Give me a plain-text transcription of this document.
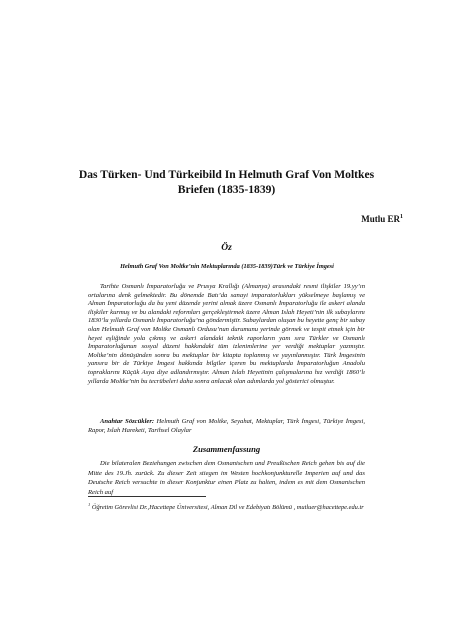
Das Türken- Und Türkeibild In Helmuth Graf Von Moltkes Briefen (1835-1839)
Mutlu $ER^1$
Öz
Helmuth Graf Von Moltke’nin Mektuplarında (1835-1839)Türk ve Türkiye İmgesi

Tarihte Osmanlı İmparatorluğu ve Prusya Krallığı (Almanya) arasındaki resmi ilişkiler 19.yy’ın ortalarına denk gelmektedir. Bu dönemde Batı’da sanayi imparatorlukları yükselmeye başlamış ve Alman İmparatorluğu da bu yeni düzende yerini almak üzere Osmanlı İmparatorluğu ile askeri alanda ilişkiler kurmuş ve bu alandaki reformları gerçekleştirmek üzere Alman Islah Heyeti’nin ilk subaylarını 1830’lu yıllarda Osmanlı İmparatorluğu’na göndermiştir. Subaylardan oluşan bu heyette genç bir subay olan Helmuth Graf von Moltke Osmanlı Ordusu’nun durumunu yerinde görmek ve tespit etmek için bir heyet eşliğinde yola çıkmış ve askeri alandaki teknik raporların yanı sıra Türkler ve Osmanlı İmparatorluğunun sosyal düzeni hakkındaki tüm izlenimlerine yer verdiği mektuplar yazmıştır. Moltke’nin dönüşünden sonra bu mektuplar bir kitapta toplanmış ve yayınlanmıştır. Türk İmgesinin yansıra bir de Türkiye İmgesi hakkında bilgiler içeren bu mektuplarda İmparatorluğun Anadolu topraklarını Küçük Asya diye adlandırmıştır. Alman Islah Heyetinin çalışmalarına hız verdiği 1860’lı yıllarda Moltke’nin bu tecrübeleri daha sonra anlacak olan adımlarda yol gösterici olmuştur.

Anahtar Sözcükler: Helmuth Graf von Moltke, Seyahat, Mektuplar, Türk İmgesi, Türkiye İmgesi, Rapor, Islah Hareketi, Tarihsel Olaylar

Zusammenfassung

Die bilateralen Beziehungen zwischen dem Osmanischen und Preußischen Reich gehen bis auf die Mitte des 19.Jh. zurück. Zu dieser Zeit stiegen im Westen hochkonjunkturelle Imperien auf und das Deutsche Reich versuchte in dieser Konjunktur einen Platz zu halten, indem es mit dem Osmanischen Reich auf

$^1$ Öğretim Görevlisi Dr.,Hacettepe Üniversitesi, Alman Dil ve Edebiyatı Bölümü , mutluer@hacettepe.edu.tr
